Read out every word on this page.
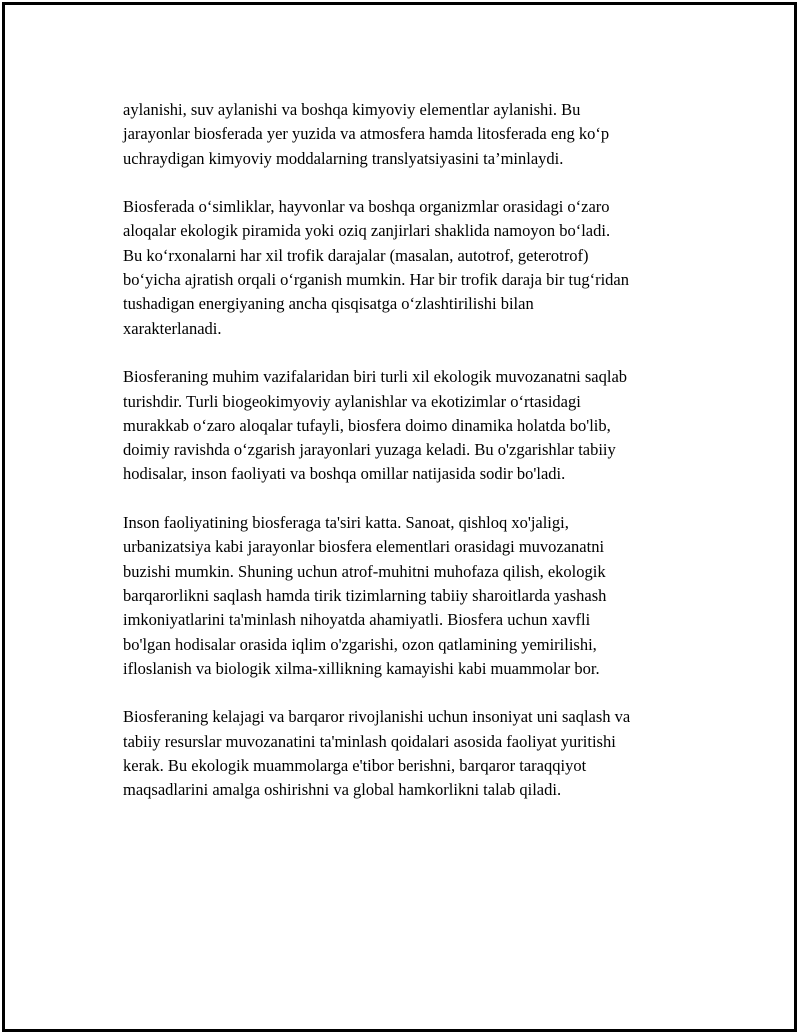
aylanishi, suv aylanishi va boshqa kimyoviy elementlar aylanishi. Bu
jarayonlar biosferada yer yuzida va atmosfera hamda litosferada eng ko‘p
uchraydigan kimyoviy moddalarning translyatsiyasini ta’minlaydi.

Biosferada o‘simliklar, hayvonlar va boshqa organizmlar orasidagi o‘zaro
aloqalar ekologik piramida yoki oziq zanjirlari shaklida namoyon bo‘ladi.
Bu ko‘rxonalarni har xil trofik darajalar (masalan, autotrof, geterotrof)
bo‘yicha ajratish orqali o‘rganish mumkin. Har bir trofik daraja bir tug‘ridan
tushadigan energiyaning ancha qisqisatga o‘zlashtirilishi bilan
xarakterlanadi.

Biosferaning muhim vazifalaridan biri turli xil ekologik muvozanatni saqlab
turishdir. Turli biogeokimyoviy aylanishlar va ekotizimlar o‘rtasidagi
murakkab o‘zaro aloqalar tufayli, biosfera doimo dinamika holatda bo'lib,
doimiy ravishda o‘zgarish jarayonlari yuzaga keladi. Bu o'zgarishlar tabiiy
hodisalar, inson faoliyati va boshqa omillar natijasida sodir bo'ladi.

Inson faoliyatining biosferaga ta'siri katta. Sanoat, qishloq xo'jaligi,
urbanizatsiya kabi jarayonlar biosfera elementlari orasidagi muvozanatni
buzishi mumkin. Shuning uchun atrof-muhitni muhofaza qilish, ekologik
barqarorlikni saqlash hamda tirik tizimlarning tabiiy sharoitlarda yashash
imkoniyatlarini ta'minlash nihoyatda ahamiyatli. Biosfera uchun xavfli
bo'lgan hodisalar orasida iqlim o'zgarishi, ozon qatlamining yemirilishi,
ifloslanish va biologik xilma-xillikning kamayishi kabi muammolar bor.

Biosferaning kelajagi va barqaror rivojlanishi uchun insoniyat uni saqlash va
tabiiy resurslar muvozanatini ta'minlash qoidalari asosida faoliyat yuritishi
kerak. Bu ekologik muammolarga e'tibor berishni, barqaror taraqqiyot
maqsadlarini amalga oshirishni va global hamkorlikni talab qiladi.
